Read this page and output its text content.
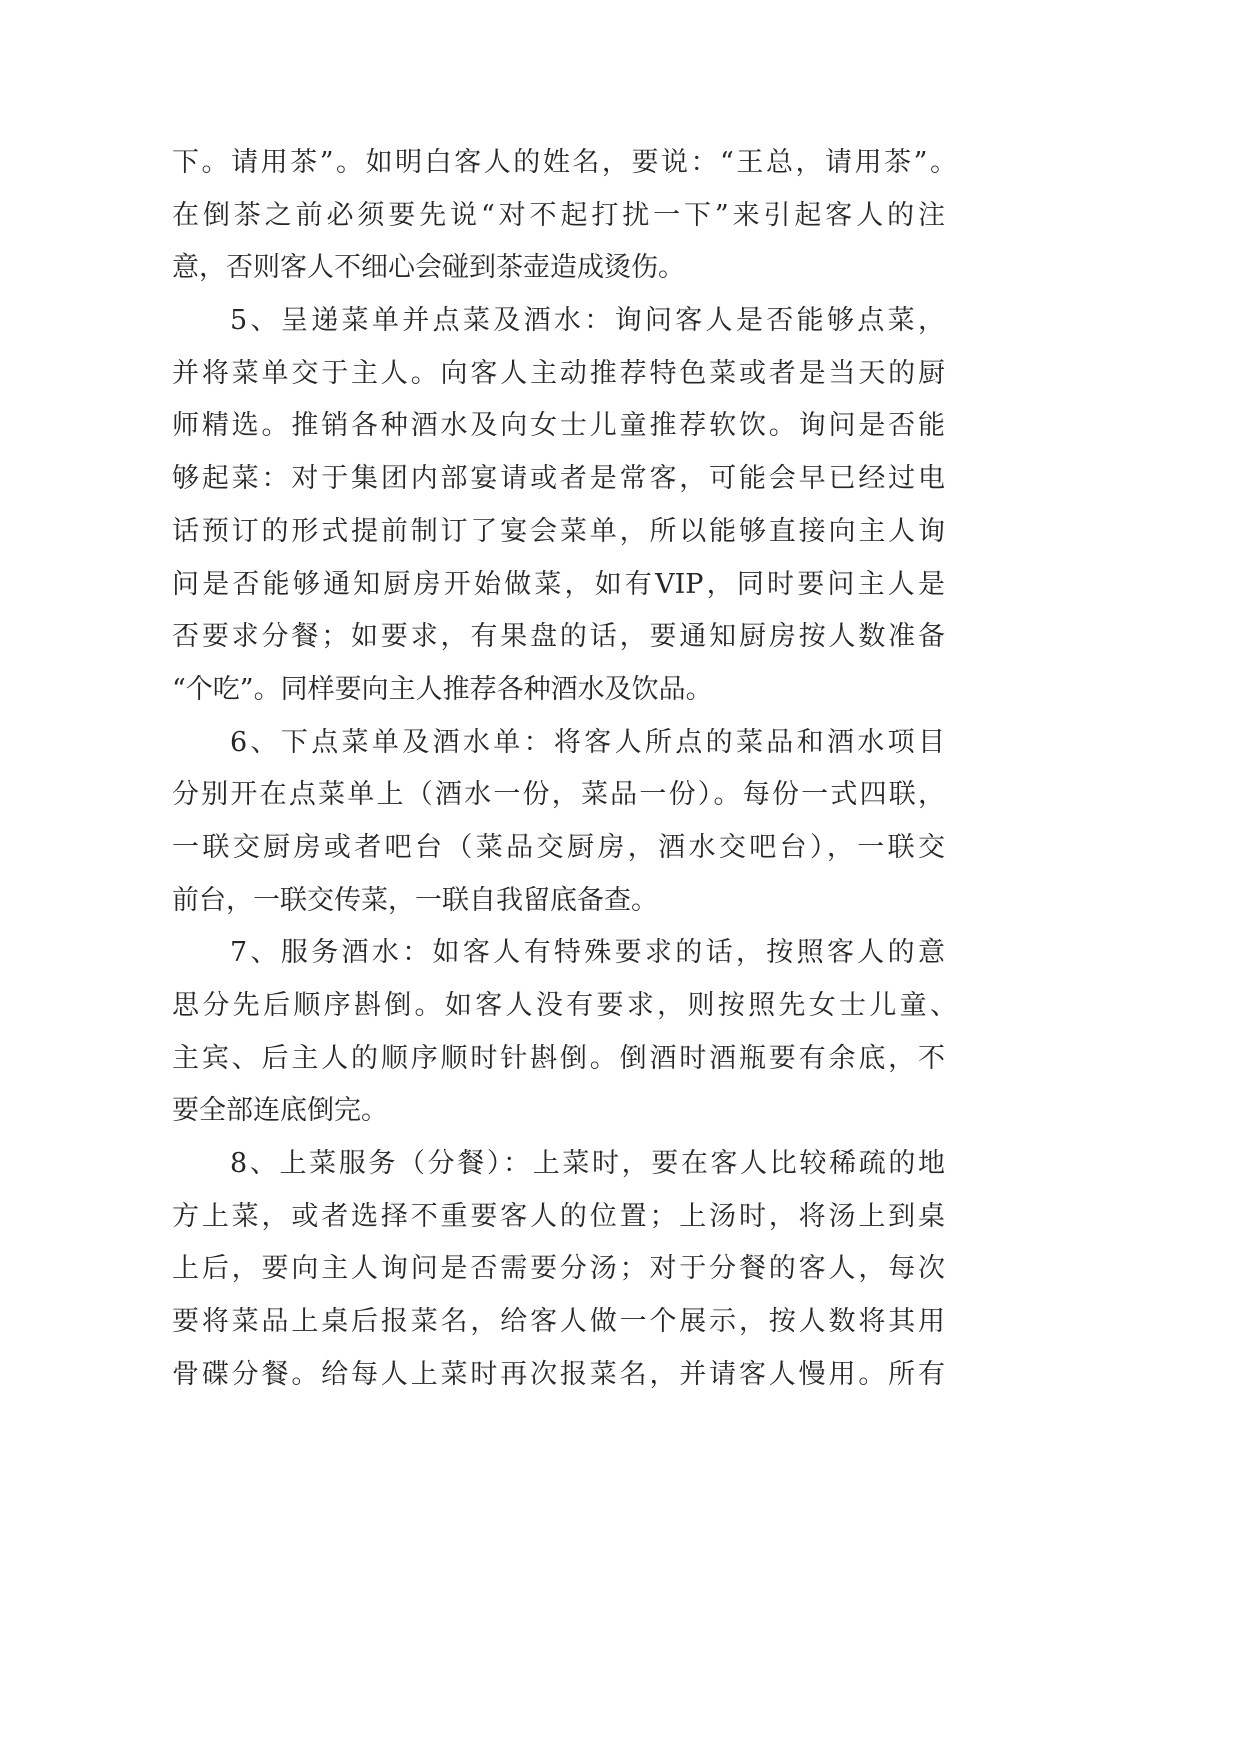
下。请用茶”。如明白客人的姓名，要说：“王总，请用茶”。
在倒茶之前必须要先说“对不起打扰一下”来引起客人的注
意，否则客人不细心会碰到茶壶造成烫伤。
5、呈递菜单并点菜及酒水：询问客人是否能够点菜，
并将菜单交于主人。向客人主动推荐特色菜或者是当天的厨
师精选。推销各种酒水及向女士儿童推荐软饮。询问是否能
够起菜：对于集团内部宴请或者是常客，可能会早已经过电
话预订的形式提前制订了宴会菜单，所以能够直接向主人询
问是否能够通知厨房开始做菜，如有VIP，同时要问主人是
否要求分餐；如要求，有果盘的话，要通知厨房按人数准备
“个吃”。同样要向主人推荐各种酒水及饮品。
6、下点菜单及酒水单：将客人所点的菜品和酒水项目
分别开在点菜单上（酒水一份，菜品一份）。每份一式四联，
一联交厨房或者吧台（菜品交厨房，酒水交吧台），一联交
前台，一联交传菜，一联自我留底备查。
7、服务酒水：如客人有特殊要求的话，按照客人的意
思分先后顺序斟倒。如客人没有要求，则按照先女士儿童、
主宾、后主人的顺序顺时针斟倒。倒酒时酒瓶要有余底，不
要全部连底倒完。
8、上菜服务（分餐）：上菜时，要在客人比较稀疏的地
方上菜，或者选择不重要客人的位置；上汤时，将汤上到桌
上后，要向主人询问是否需要分汤；对于分餐的客人，每次
要将菜品上桌后报菜名，给客人做一个展示，按人数将其用
骨碟分餐。给每人上菜时再次报菜名，并请客人慢用。所有
